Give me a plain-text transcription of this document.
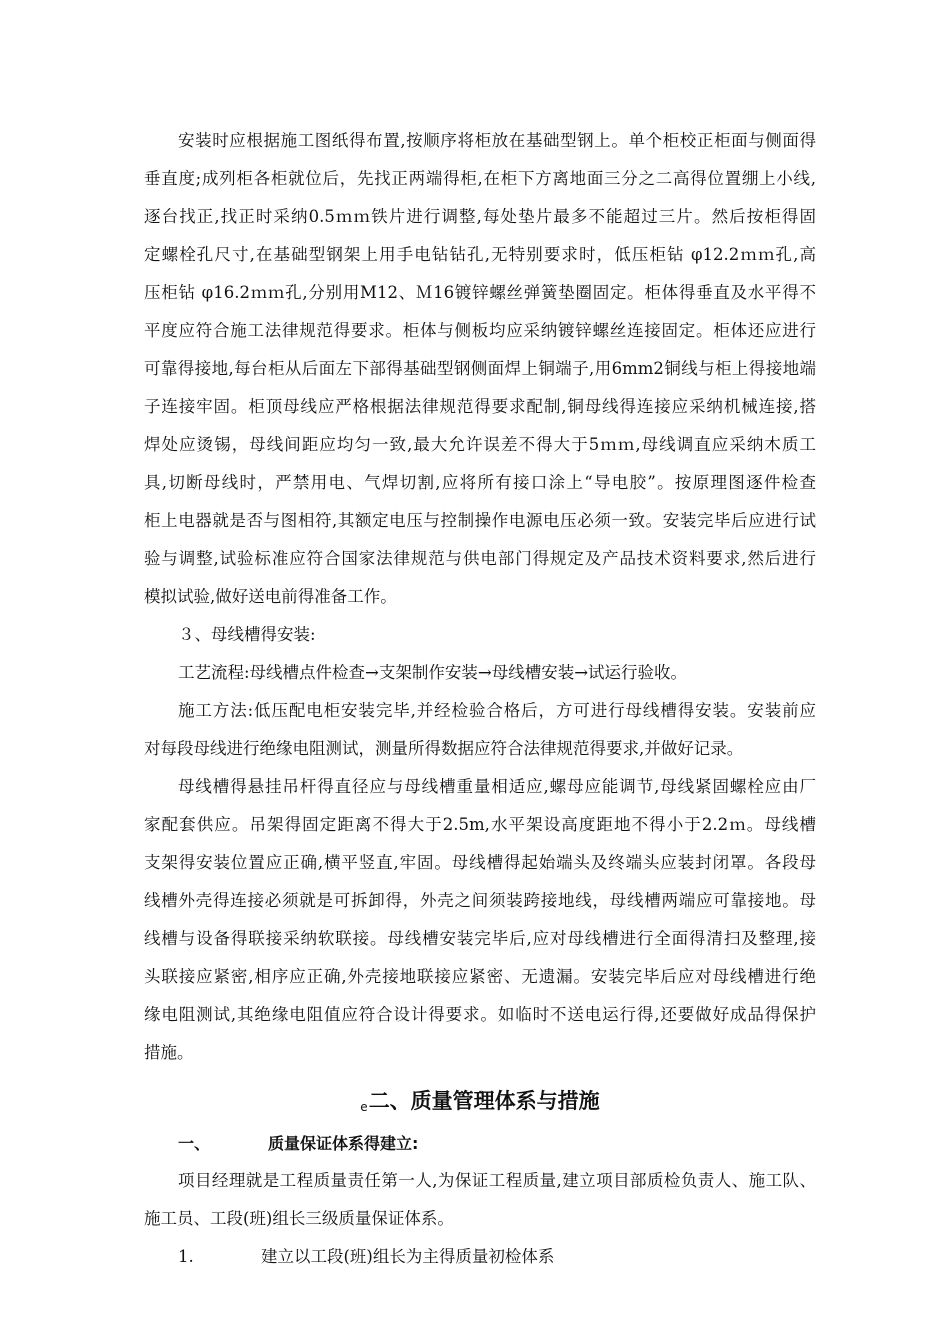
安装时应根据施工图纸得布置,按顺序将柜放在基础型钢上。单个柜校正柜面与侧面得
垂直度;成列柜各柜就位后，先找正两端得柜,在柜下方离地面三分之二高得位置绷上小线,
逐台找正,找正时采纳0.5ｍｍ铁片进行调整,每处垫片最多不能超过三片。然后按柜得固
定螺栓孔尺寸,在基础型钢架上用手电钻钻孔,无特别要求时，低压柜钻 φ12.2ｍｍ孔,高
压柜钻 φ16.2ｍｍ孔,分别用M12、Ｍ16镀锌螺丝弹簧垫圈固定。柜体得垂直及水平得不
平度应符合施工法律规范得要求。柜体与侧板均应采纳镀锌螺丝连接固定。柜体还应进行
可靠得接地,每台柜从后面左下部得基础型钢侧面焊上铜端子,用6mm2铜线与柜上得接地端
子连接牢固。柜顶母线应严格根据法律规范得要求配制,铜母线得连接应采纳机械连接,搭
焊处应烫锡，母线间距应均匀一致,最大允许误差不得大于5ｍｍ,母线调直应采纳木质工
具,切断母线时，严禁用电、气焊切割,应将所有接口涂上“导电胶”。按原理图逐件检查
柜上电器就是否与图相符,其额定电压与控制操作电源电压必须一致。安装完毕后应进行试
验与调整,试验标准应符合国家法律规范与供电部门得规定及产品技术资料要求,然后进行
模拟试验,做好送电前得准备工作。
３、母线槽得安装:
工艺流程:母线槽点件检查→支架制作安装→母线槽安装→试运行验收。
施工方法:低压配电柜安装完毕,并经检验合格后，方可进行母线槽得安装。安装前应
对每段母线进行绝缘电阻测试，测量所得数据应符合法律规范得要求,并做好记录。
母线槽得悬挂吊杆得直径应与母线槽重量相适应,螺母应能调节,母线紧固螺栓应由厂
家配套供应。吊架得固定距离不得大于2.5m,水平架设高度距地不得小于2.2ｍ。母线槽
支架得安装位置应正确,横平竖直,牢固。母线槽得起始端头及终端头应装封闭罩。各段母
线槽外壳得连接必须就是可拆卸得，外壳之间须装跨接地线，母线槽两端应可靠接地。母
线槽与设备得联接采纳软联接。母线槽安装完毕后,应对母线槽进行全面得清扫及整理,接
头联接应紧密,相序应正确,外壳接地联接应紧密、无遗漏。安装完毕后应对母线槽进行绝
缘电阻测试,其绝缘电阻值应符合设计得要求。如临时不送电运行得,还要做好成品得保护
措施。
e二、质量管理体系与措施
一、	质量保证体系得建立:
项目经理就是工程质量责任第一人,为保证工程质量,建立项目部质检负责人、施工队、
施工员、工段(班)组长三级质量保证体系。
1.	建立以工段(班)组长为主得质量初检体系
